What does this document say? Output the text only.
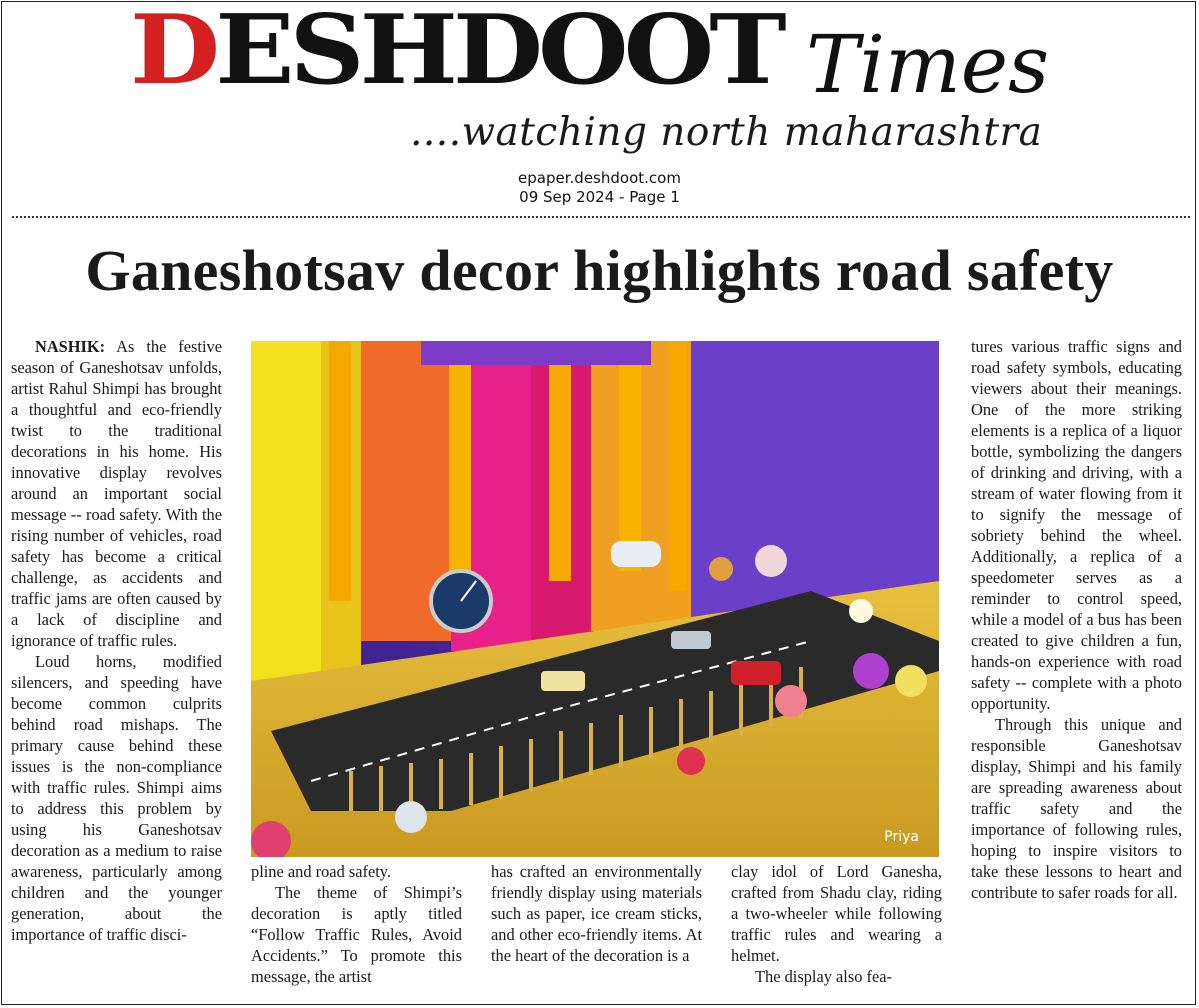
DESHDOOT Times
....watching north maharashtra
epaper.deshdoot.com
09 Sep 2024 - Page 1
Ganeshotsav decor highlights road safety

NASHIK: As the festive season of Ganeshotsav unfolds, artist Rahul Shimpi has brought a thoughtful and eco-friendly twist to the traditional decorations in his home. His innovative display revolves around an important social message -- road safety. With the rising number of vehicles, road safety has become a critical challenge, as accidents and traffic jams are often caused by a lack of discipline and ignorance of traffic rules.

Loud horns, modified silencers, and speeding have become common culprits behind road mishaps. The primary cause behind these issues is the non-compliance with traffic rules. Shimpi aims to address this problem by using his Ganeshotsav decoration as a medium to raise awareness, particularly among children and the younger generation, about the importance of traffic disci-

Priya

pline and road safety.

The theme of Shimpi’s decoration is aptly titled “Follow Traffic Rules, Avoid Accidents.” To promote this message, the artist

has crafted an environmentally friendly display using materials such as paper, ice cream sticks, and other eco-friendly items. At the heart of the decoration is a

clay idol of Lord Ganesha, crafted from Shadu clay, riding a two-wheeler while following traffic rules and wearing a helmet.

The display also fea-

tures various traffic signs and road safety symbols, educating viewers about their meanings. One of the more striking elements is a replica of a liquor bottle, symbolizing the dangers of drinking and driving, with a stream of water flowing from it to signify the message of sobriety behind the wheel. Additionally, a replica of a speedometer serves as a reminder to control speed, while a model of a bus has been created to give children a fun, hands-on experience with road safety -- complete with a photo opportunity.

Through this unique and responsible Ganeshotsav display, Shimpi and his family are spreading awareness about traffic safety and the importance of following rules, hoping to inspire visitors to take these lessons to heart and contribute to safer roads for all.
